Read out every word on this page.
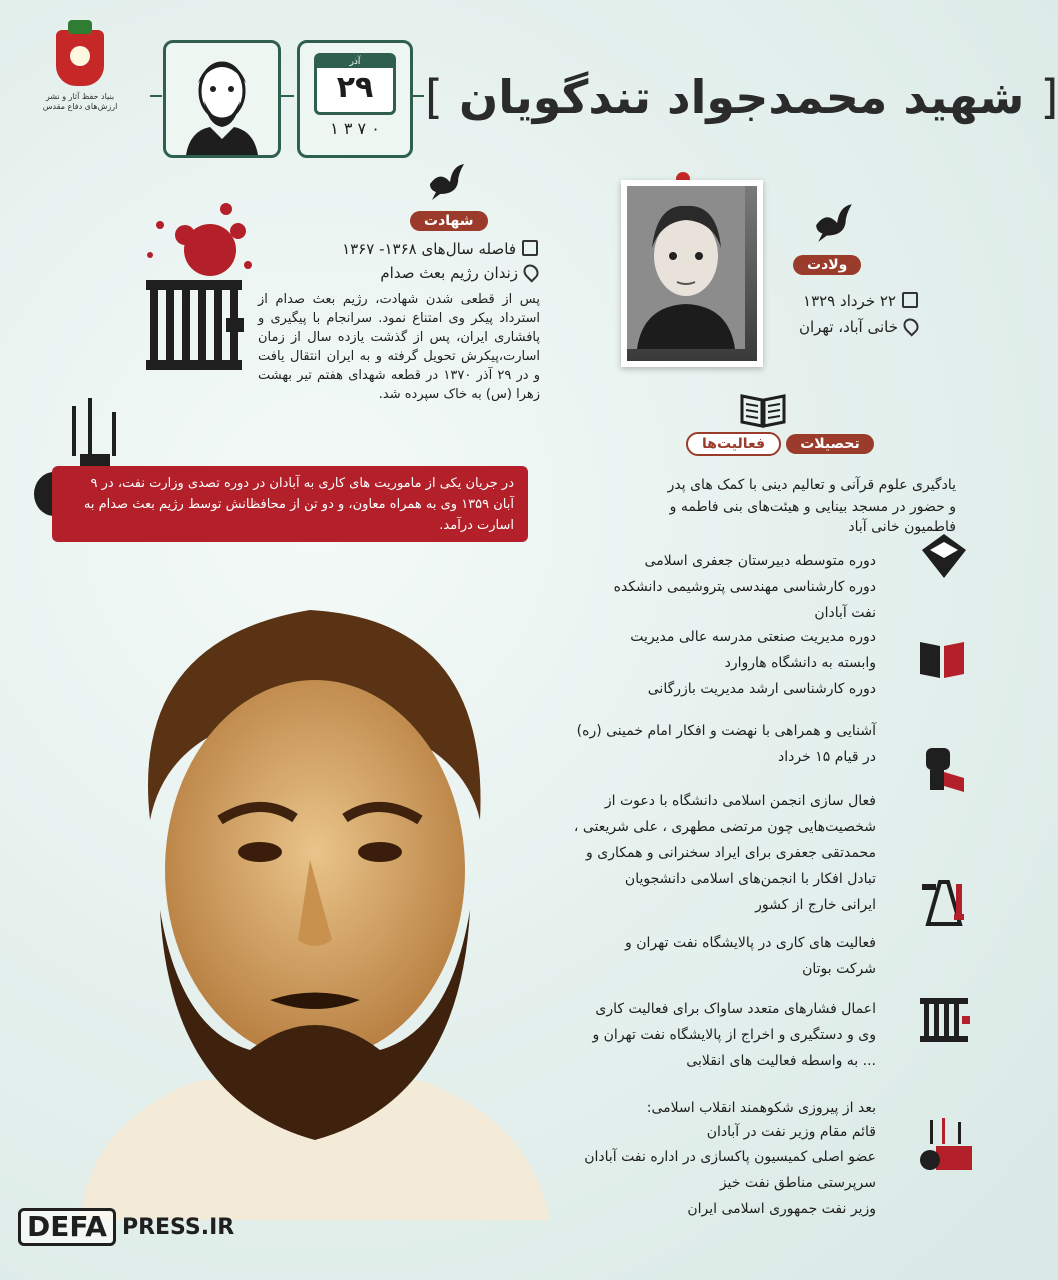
بنیاد حفظ آثار و نشر ارزش‌های دفاع مقدس
آذر
۲۹
۱ ۳ ۷ ۰
[ شهید محمدجواد تندگویان ]
شهادت
فاصله سال‌های ۱۳۶۸- ۱۳۶۷
زندان رژیم بعث صدام
پس از قطعی شدن شهادت، رژیم بعث صدام از استرداد پیکر وی امتناع نمود. سرانجام با پیگیری و پافشاری ایران، پس از گذشت یازده سال از زمان اسارت،پیکرش تحویل گرفته و به ایران انتقال یافت و در ۲۹ آذر ۱۳۷۰ در قطعه شهدای هفتم تیر بهشت زهرا (س) به خاک سپرده شد.
ولادت
۲۲ خرداد ۱۳۲۹
خانی آباد، تهران
فعالیت‌ها	تحصیلات
در جریان یکی از ماموریت های کاری به آبادان در دوره تصدی وزارت نفت، در ۹ آبان ۱۳۵۹ وی به همراه معاون، و دو تن از محافظانش توسط رژیم بعث صدام به اسارت درآمد.
یادگیری علوم قرآنی و تعالیم دینی با کمک های پدر
و حضور در مسجد بینایی و هیئت‌های بنی فاطمه و
فاطمیون خانی آباد
دوره متوسطه دبیرستان جعفری اسلامی
دوره کارشناسی مهندسی پتروشیمی دانشکده
نفت آبادان
دوره مدیریت صنعتی مدرسه عالی مدیریت
وابسته به دانشگاه هاروارد
دوره کارشناسی ارشد مدیریت بازرگانی
آشنایی و همراهی با نهضت و افکار امام خمینی (ره)
در قیام ۱۵ خرداد
فعال سازی انجمن اسلامی دانشگاه با دعوت از
شخصیت‌هایی چون مرتضی مطهری ، علی شریعتی ،
محمدتقی جعفری برای ایراد سخنرانی و همکاری و
تبادل افکار با انجمن‌های اسلامی دانشجویان
ایرانی خارج از کشور
فعالیت های کاری در پالایشگاه نفت تهران و
شرکت بوتان
اعمال فشارهای متعدد ساواک برای فعالیت کاری
وی و دستگیری و اخراج از پالایشگاه نفت تهران و
... به واسطه فعالیت های انقلابی
بعد از پیروزی شکوهمند انقلاب اسلامی:
قائم مقام وزیر نفت در آبادان
عضو اصلی کمیسیون پاکسازی در اداره نفت آبادان
سرپرستی مناطق نفت خیز
وزیر نفت جمهوری اسلامی ایران
DEFA PRESS.IR
